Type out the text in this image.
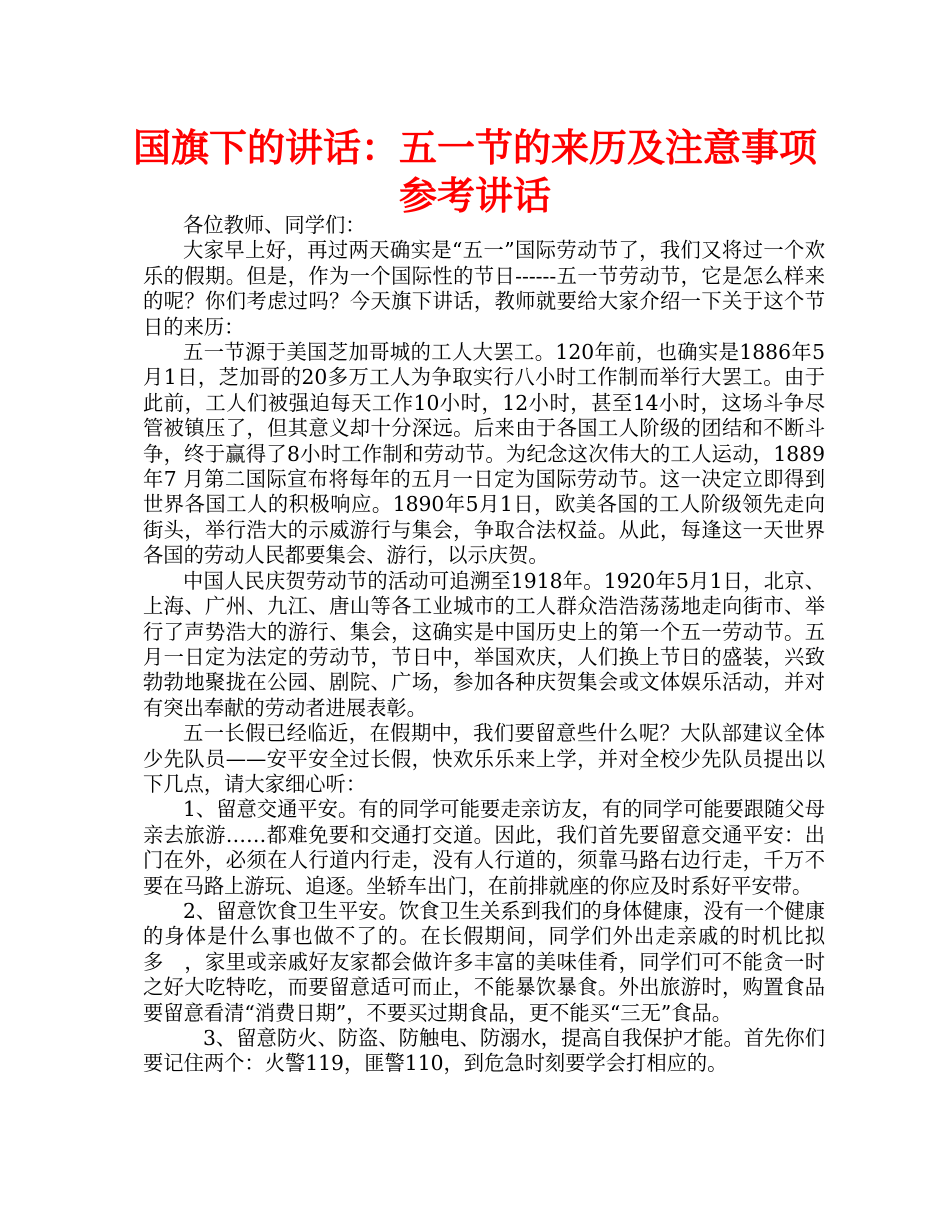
国旗下的讲话：五一节的来历及注意事项
参考讲话

各位教师、同学们：

大家早上好，再过两天确实是“五一”国际劳动节了，我们又将过一个欢乐的假期。但是，作为一个国际性的节日------五一节劳动节，它是怎么样来的呢？你们考虑过吗？今天旗下讲话，教师就要给大家介绍一下关于这个节日的来历：

五一节源于美国芝加哥城的工人大罢工。120年前，也确实是1886年5月1日，芝加哥的20多万工人为争取实行八小时工作制而举行大罢工。由于此前，工人们被强迫每天工作10小时，12小时，甚至14小时，这场斗争尽管被镇压了，但其意义却十分深远。后来由于各国工人阶级的团结和不断斗争，终于赢得了8小时工作制和劳动节。为纪念这次伟大的工人运动，1889年7 月第二国际宣布将每年的五月一日定为国际劳动节。这一决定立即得到世界各国工人的积极响应。1890年5月1日，欧美各国的工人阶级领先走向街头，举行浩大的示威游行与集会，争取合法权益。从此，每逢这一天世界各国的劳动人民都要集会、游行，以示庆贺。

中国人民庆贺劳动节的活动可追溯至1918年。1920年5月1日，北京、上海、广州、九江、唐山等各工业城市的工人群众浩浩荡荡地走向街市、举行了声势浩大的游行、集会，这确实是中国历史上的第一个五一劳动节。五月一日定为法定的劳动节，节日中，举国欢庆，人们换上节日的盛装，兴致勃勃地聚拢在公园、剧院、广场，参加各种庆贺集会或文体娱乐活动，并对有突出奉献的劳动者进展表彰。

五一长假已经临近，在假期中，我们要留意些什么呢？大队部建议全体少先队员——安平安全过长假，快欢乐乐来上学，并对全校少先队员提出以下几点，请大家细心听：

1、留意交通平安。有的同学可能要走亲访友，有的同学可能要跟随父母亲去旅游……都难免要和交通打交道。因此，我们首先要留意交通平安：出门在外，必须在人行道内行走，没有人行道的，须靠马路右边行走，千万不要在马路上游玩、追逐。坐轿车出门，在前排就座的你应及时系好平安带。

2、留意饮食卫生平安。饮食卫生关系到我们的身体健康，没有一个健康的身体是什么事也做不了的。在长假期间，同学们外出走亲戚的时机比拟多　，家里或亲戚好友家都会做许多丰富的美味佳肴，同学们可不能贪一时之好大吃特吃，而要留意适可而止，不能暴饮暴食。外出旅游时，购置食品要留意看清“消费日期”，不要买过期食品，更不能买“三无”食品。

3、留意防火、防盗、防触电、防溺水，提高自我保护才能。首先你们要记住两个：火警119，匪警110，到危急时刻要学会打相应的。
